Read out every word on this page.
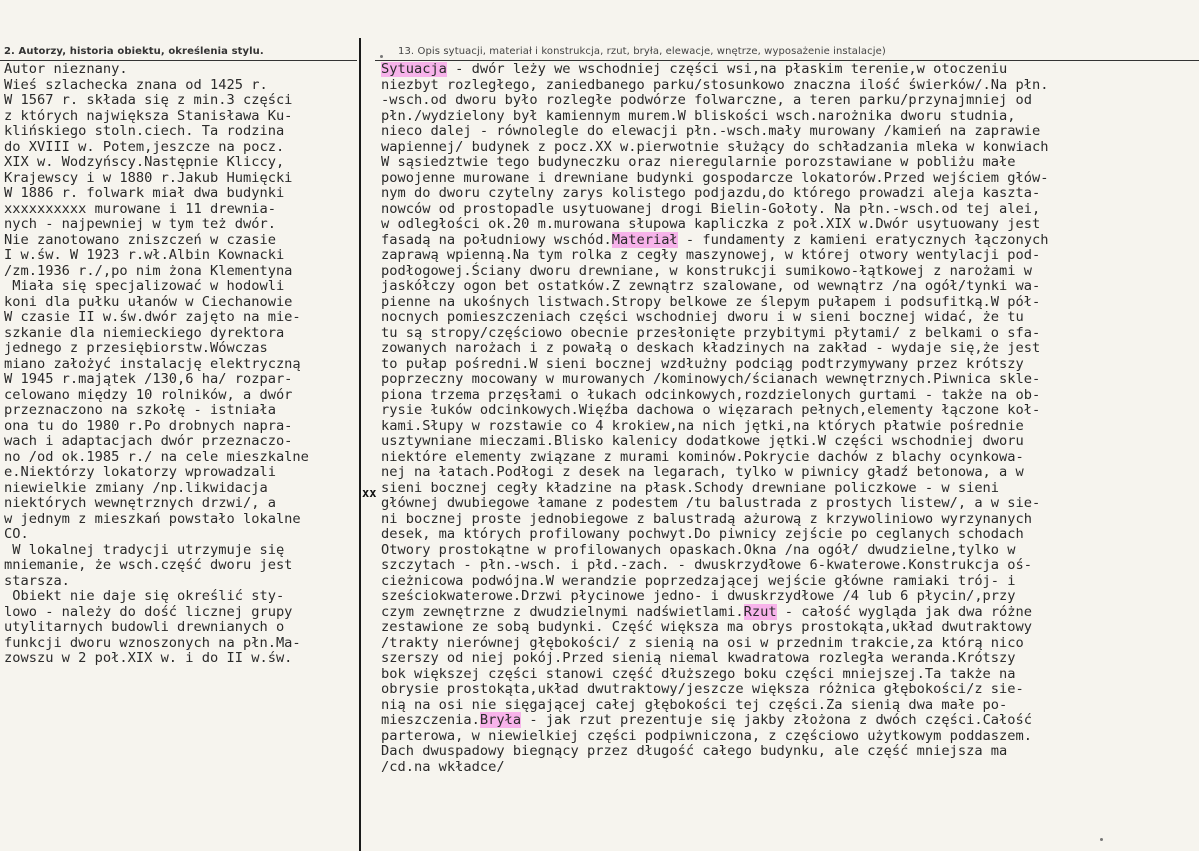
2. Autorzy, historia obiektu, określenia stylu.	13. Opis sytuacji, materiał i konstrukcja, rzut, bryła, elewacje, wnętrze, wyposażenie instalacje)
Autor nieznany.
Wieś szlachecka znana od 1425 r.
W 1567 r. składa się z min.3 części
z których największa Stanisława Ku-
klińskiego stoln.ciech. Ta rodzina
do XVIII w. Potem,jeszcze na pocz.
XIX w. Wodzyńscy.Następnie Kliccy,
Krajewscy i w 1880 r.Jakub Humięcki
W 1886 r. folwark miał dwa budynki
xxxxxxxxxx murowane i 11 drewnia-
nych - najpewniej w tym też dwór.
Nie zanotowano zniszczeń w czasie
I w.św. W 1923 r.wł.Albin Kownacki
/zm.1936 r./,po nim żona Klementyna
Miała się specjalizować w hodowli
koni dla pułku ułanów w Ciechanowie
W czasie II w.św.dwór zajęto na mie-
szkanie dla niemieckiego dyrektora
jednego z przesiębiorstw.Wówczas
miano założyć instalację elektryczną
W 1945 r.majątek /130,6 ha/ rozpar-
celowano między 10 rolników, a dwór
przeznaczono na szkołę - istniała
ona tu do 1980 r.Po drobnych napra-
wach i adaptacjach dwór przeznaczo-
no /od ok.1985 r./ na cele mieszkalne
e.Niektórzy lokatorzy wprowadzali
niewielkie zmiany /np.likwidacja
niektórych wewnętrznych drzwi/, a
w jednym z mieszkań powstało lokalne
CO.
W lokalnej tradycji utrzymuje się
mniemanie, że wsch.część dworu jest
starsza.
Obiekt nie daje się określić sty-
lowo - należy do dość licznej grupy
utylitarnych budowli drewnianych o
funkcji dworu wznoszonych na płn.Ma-
zowszu w 2 poł.XIX w. i do II w.św.
Sytuacja - dwór leży we wschodniej części wsi,na płaskim terenie,w otoczeniu
niezbyt rozległego, zaniedbanego parku/stosunkowo znaczna ilość świerków/.Na płn.
-wsch.od dworu było rozległe podwórze folwarczne, a teren parku/przynajmniej od
płn./wydzielony był kamiennym murem.W bliskości wsch.narożnika dworu studnia,
nieco dalej - równolegle do elewacji płn.-wsch.mały murowany /kamień na zaprawie
wapiennej/ budynek z pocz.XX w.pierwotnie służący do schładzania mleka w konwiach
W sąsiedztwie tego budyneczku oraz nieregularnie porozstawiane w pobliżu małe
powojenne murowane i drewniane budynki gospodarcze lokatorów.Przed wejściem głów-
nym do dworu czytelny zarys kolistego podjazdu,do którego prowadzi aleja kaszta-
nowców od prostopadle usytuowanej drogi Bielin-Gołoty. Na płn.-wsch.od tej alei,
w odległości ok.20 m.murowana słupowa kapliczka z poł.XIX w.Dwór usytuowany jest
fasadą na południowy wschód.Materiał - fundamenty z kamieni eratycznych łączonych
zaprawą wpienną.Na tym rolka z cegły maszynowej, w której otwory wentylacji pod-
podłogowej.Ściany dworu drewniane, w konstrukcji sumikowo-łątkowej z narożami w
jaskółczy ogon bet ostatków.Z zewnątrz szalowane, od wewnątrz /na ogół/tynki wa-
pienne na ukośnych listwach.Stropy belkowe ze ślepym pułapem i podsufitką.W pół-
nocnych pomieszczeniach części wschodniej dworu i w sieni bocznej widać, że tu
tu są stropy/częściowo obecnie przesłonięte przybitymi płytami/ z belkami o sfa-
zowanych narożach i z powałą o deskach kładzinych na zakład - wydaje się,że jest
to pułap pośredni.W sieni bocznej wzdłużny podciąg podtrzymywany przez krótszy
poprzeczny mocowany w murowanych /kominowych/ścianach wewnętrznych.Piwnica skle-
piona trzema przęsłami o łukach odcinkowych,rozdzielonych gurtami - także na ob-
rysie łuków odcinkowych.Więźba dachowa o więzarach pełnych,elementy łączone koł-
kami.Słupy w rozstawie co 4 krokiew,na nich jętki,na których płatwie pośrednie
usztywniane mieczami.Blisko kalenicy dodatkowe jętki.W części wschodniej dworu
niektóre elementy związane z murami kominów.Pokrycie dachów z blachy ocynkowa-
nej na łatach.Podłogi z desek na legarach, tylko w piwnicy gładź betonowa, a w
sieni bocznej cegły kładzine na płask.Schody drewniane policzkowe - w sieni
głównej dwubiegowe łamane z podestem /tu balustrada z prostych listew/, a w sie-
ni bocznej proste jednobiegowe z balustradą ażurową z krzywoliniowo wyrzynanych
desek, ma których profilowany pochwyt.Do piwnicy zejście po ceglanych schodach
Otwory prostokątne w profilowanych opaskach.Okna /na ogół/ dwudzielne,tylko w
szczytach - płn.-wsch. i płd.-zach. - dwuskrzydłowe 6-kwaterowe.Konstrukcja oś-
cieżnicowa podwójna.W werandzie poprzedzającej wejście główne ramiaki trój- i
sześciokwaterowe.Drzwi płycinowe jedno- i dwuskrzydłowe /4 lub 6 płycin/,przy
czym zewnętrzne z dwudzielnymi nadświetlami.Rzut - całość wygląda jak dwa różne
zestawione ze sobą budynki. Część większa ma obrys prostokąta,układ dwutraktowy
/trakty nierównej głębokości/ z sienią na osi w przednim trakcie,za którą nico
szerszy od niej pokój.Przed sienią niemal kwadratowa rozległa weranda.Krótszy
bok większej części stanowi część dłuższego boku części mniejszej.Ta także na
obrysie prostokąta,układ dwutraktowy/jeszcze większa różnica głębokości/z sie-
nią na osi nie sięgającej całej głębokości tej części.Za sienią dwa małe po-
mieszczenia.Bryła - jak rzut prezentuje się jakby złożona z dwóch części.Całość
parterowa, w niewielkiej części podpiwniczona, z częściowo użytkowym poddaszem.
Dach dwuspadowy biegnący przez długość całego budynku, ale część mniejsza ma
/cd.na wkładce/
xx
